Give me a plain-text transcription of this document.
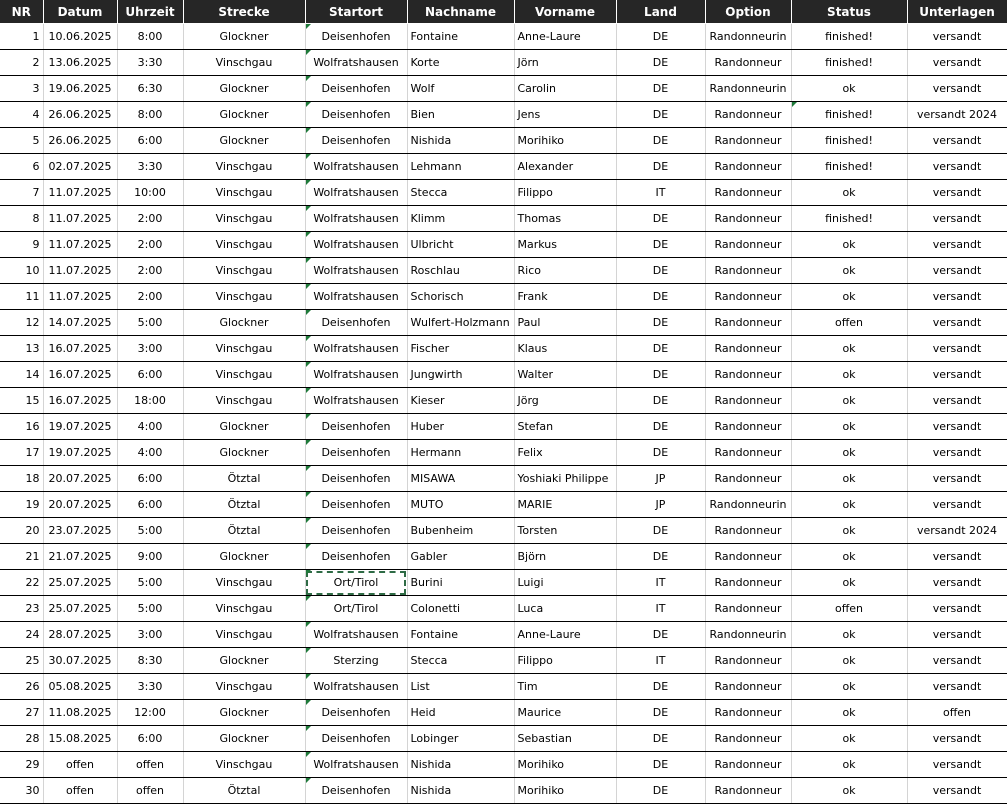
NR	Datum	Uhrzeit	Strecke	Startort	Nachname	Vorname	Land	Option	Status	Unterlagen
1	10.06.2025	8:00	Glockner	Deisenhofen	Fontaine	Anne-Laure	DE	Randonneurin	finished!	versandt
2	13.06.2025	3:30	Vinschgau	Wolfratshausen	Korte	Jörn	DE	Randonneur	finished!	versandt
3	19.06.2025	6:30	Glockner	Deisenhofen	Wolf	Carolin	DE	Randonneurin	ok	versandt
4	26.06.2025	8:00	Glockner	Deisenhofen	Bien	Jens	DE	Randonneur	finished!	versandt 2024
5	26.06.2025	6:00	Glockner	Deisenhofen	Nishida	Morihiko	DE	Randonneur	finished!	versandt
6	02.07.2025	3:30	Vinschgau	Wolfratshausen	Lehmann	Alexander	DE	Randonneur	finished!	versandt
7	11.07.2025	10:00	Vinschgau	Wolfratshausen	Stecca	Filippo	IT	Randonneur	ok	versandt
8	11.07.2025	2:00	Vinschgau	Wolfratshausen	Klimm	Thomas	DE	Randonneur	finished!	versandt
9	11.07.2025	2:00	Vinschgau	Wolfratshausen	Ulbricht	Markus	DE	Randonneur	ok	versandt
10	11.07.2025	2:00	Vinschgau	Wolfratshausen	Roschlau	Rico	DE	Randonneur	ok	versandt
11	11.07.2025	2:00	Vinschgau	Wolfratshausen	Schorisch	Frank	DE	Randonneur	ok	versandt
12	14.07.2025	5:00	Glockner	Deisenhofen	Wulfert-Holzmann	Paul	DE	Randonneur	offen	versandt
13	16.07.2025	3:00	Vinschgau	Wolfratshausen	Fischer	Klaus	DE	Randonneur	ok	versandt
14	16.07.2025	6:00	Vinschgau	Wolfratshausen	Jungwirth	Walter	DE	Randonneur	ok	versandt
15	16.07.2025	18:00	Vinschgau	Wolfratshausen	Kieser	Jörg	DE	Randonneur	ok	versandt
16	19.07.2025	4:00	Glockner	Deisenhofen	Huber	Stefan	DE	Randonneur	ok	versandt
17	19.07.2025	4:00	Glockner	Deisenhofen	Hermann	Felix	DE	Randonneur	ok	versandt
18	20.07.2025	6:00	Ötztal	Deisenhofen	MISAWA	Yoshiaki Philippe	JP	Randonneur	ok	versandt
19	20.07.2025	6:00	Ötztal	Deisenhofen	MUTO	MARIE	JP	Randonneurin	ok	versandt
20	23.07.2025	5:00	Ötztal	Deisenhofen	Bubenheim	Torsten	DE	Randonneur	ok	versandt 2024
21	21.07.2025	9:00	Glockner	Deisenhofen	Gabler	Björn	DE	Randonneur	ok	versandt
22	25.07.2025	5:00	Vinschgau	Ort/Tirol	Burini	Luigi	IT	Randonneur	ok	versandt
23	25.07.2025	5:00	Vinschgau	Ort/Tirol	Colonetti	Luca	IT	Randonneur	offen	versandt
24	28.07.2025	3:00	Vinschgau	Wolfratshausen	Fontaine	Anne-Laure	DE	Randonneurin	ok	versandt
25	30.07.2025	8:30	Glockner	Sterzing	Stecca	Filippo	IT	Randonneur	ok	versandt
26	05.08.2025	3:30	Vinschgau	Wolfratshausen	List	Tim	DE	Randonneur	ok	versandt
27	11.08.2025	12:00	Glockner	Deisenhofen	Heid	Maurice	DE	Randonneur	ok	offen
28	15.08.2025	6:00	Glockner	Deisenhofen	Lobinger	Sebastian	DE	Randonneur	ok	versandt
29	offen	offen	Vinschgau	Wolfratshausen	Nishida	Morihiko	DE	Randonneur	ok	versandt
30	offen	offen	Ötztal	Deisenhofen	Nishida	Morihiko	DE	Randonneur	ok	versandt
